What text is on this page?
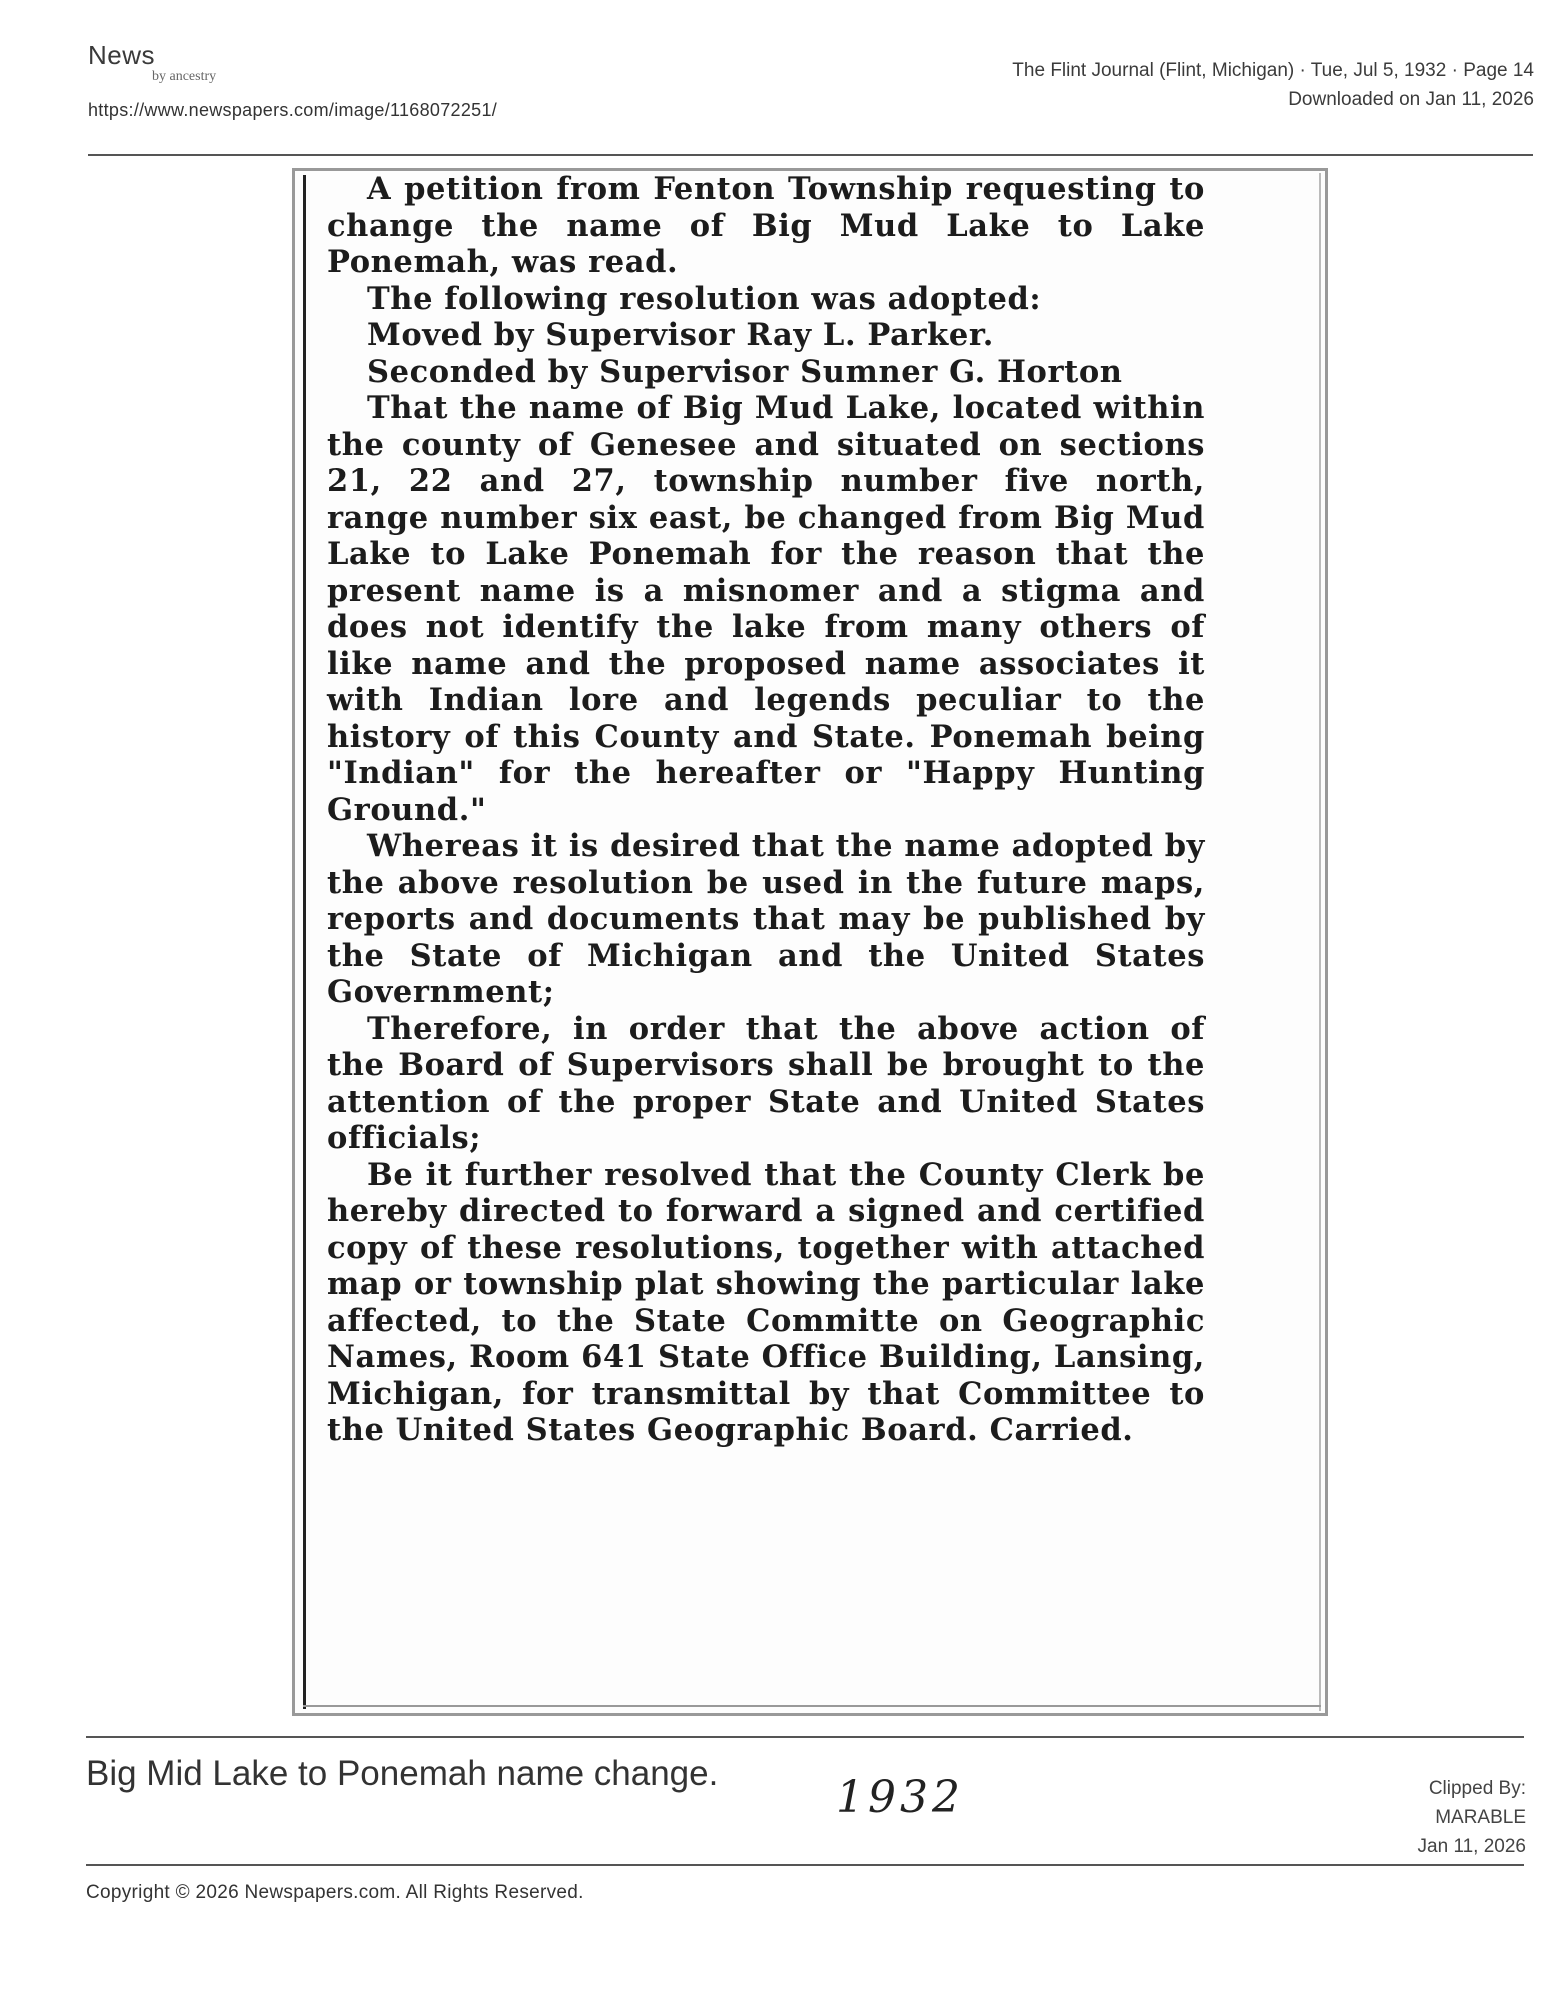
News
by ancestry
https://www.newspapers.com/image/1168072251/
The Flint Journal (Flint, Michigan) · Tue, Jul 5, 1932 · Page 14
Downloaded on Jan 11, 2026

A petition from Fenton Township requesting to change the name of Big Mud Lake to Lake Ponemah, was read.

The following resolution was adopted:

Moved by Supervisor Ray L. Parker.

Seconded by Supervisor Sumner G. Horton

That the name of Big Mud Lake, located within the county of Genesee and situated on sections 21, 22 and 27, township number five north, range number six east, be changed from Big Mud Lake to Lake Ponemah for the reason that the present name is a misnomer and a stigma and does not identify the lake from many others of like name and the proposed name associates it with Indian lore and legends peculiar to the history of this County and State. Ponemah being "Indian" for the hereafter or "Happy Hunting Ground."

Whereas it is desired that the name adopted by the above resolution be used in the future maps, reports and documents that may be published by the State of Michigan and the United States Government;

Therefore, in order that the above action of the Board of Supervisors shall be brought to the attention of the proper State and United States officials;

Be it further resolved that the County Clerk be hereby directed to forward a signed and certified copy of these resolutions, together with attached map or township plat showing the particular lake affected, to the State Committe on Geographic Names, Room 641 State Office Building, Lansing, Michigan, for transmittal by that Committee to the United States Geographic Board. Carried.

Big Mid Lake to Ponemah name change.	1932	Clipped By:
MARABLE
Jan 11, 2026
Copyright © 2026 Newspapers.com. All Rights Reserved.
